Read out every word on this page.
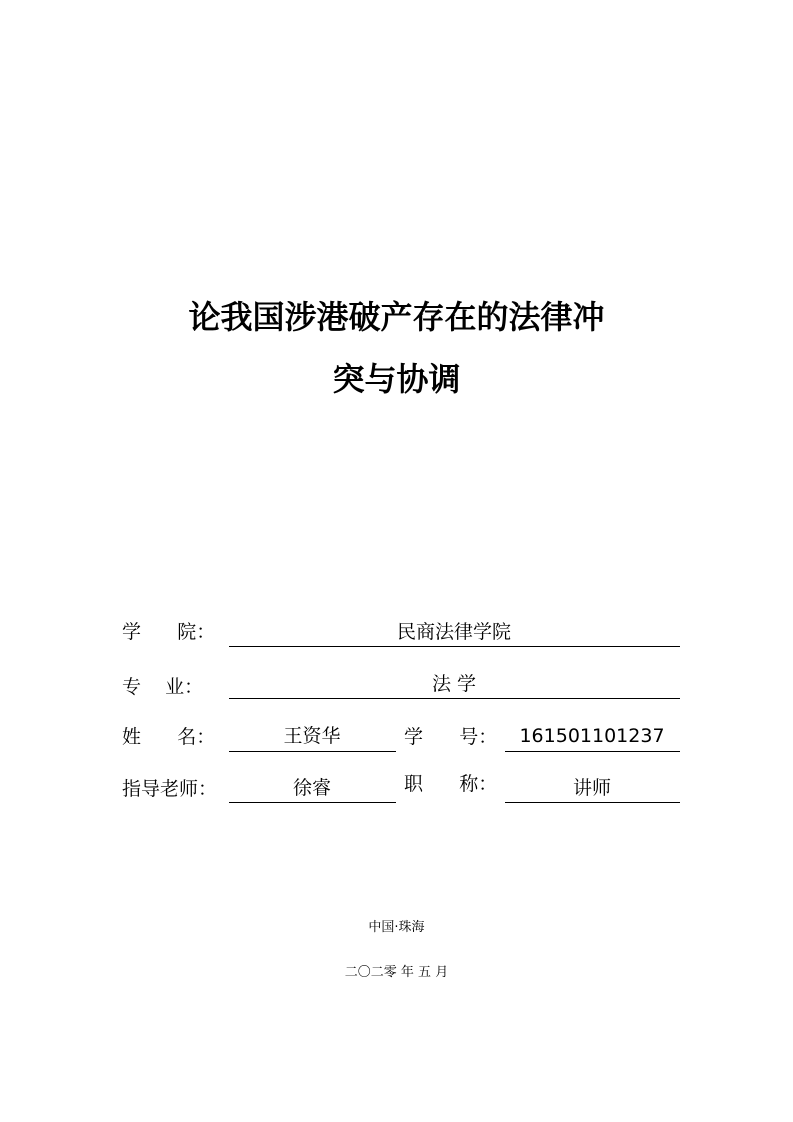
论我国涉港破产存在的法律冲
突与协调
学      院：	民商法律学院
专    业：	法 学
姓      名：	王资华	学      号：	161501101237
指导老师：	徐睿	职      称：	讲师
中国·珠海
二〇二零 年 五 月
